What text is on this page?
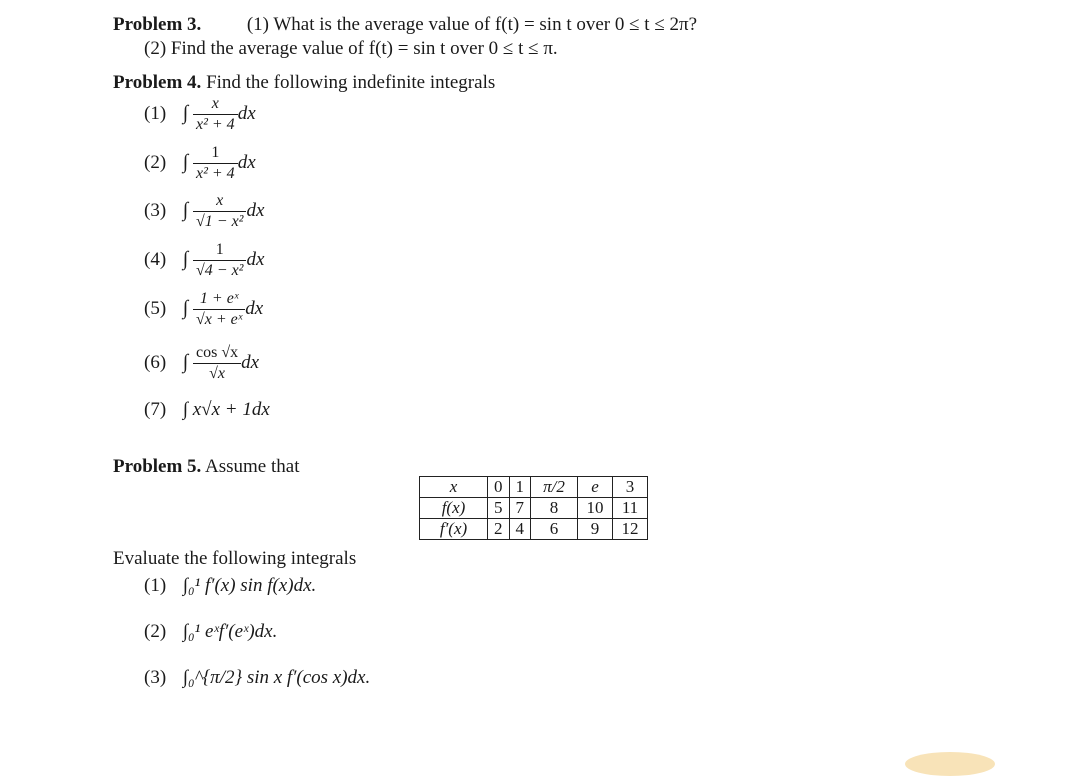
Problem 3. (1) What is the average value of f(t) = sin t over 0 ≤ t ≤ 2π?
(2) Find the average value of f(t) = sin t over 0 ≤ t ≤ π.
Problem 4. Find the following indefinite integrals
(1) ∫ $\frac{x}{\text{x² + 4}}$ dx
(2) ∫ $\frac{1}{\text{x² + 4}}$ dx
(3) ∫ $\frac{x}{\text{√1 − x²}}$ dx
(4) ∫ $\frac{1}{\text{√4 − x²}}$ dx
(5) ∫ $\frac{\text{1 + eˣ}}{\text{√x + eˣ}}$ dx
(6) ∫ $\frac{\cos √x}{√x}$ dx
(7) ∫ x√x + 1dx
Problem 5. Assume that
x	0	1	π/2	e	3
f(x)	5	7	8	10	11
f′(x)	2	4	6	9	12
Evaluate the following integrals
(1) ∫₀¹ f′(x) sin f(x)dx.
(2) ∫₀¹ eˣf′(eˣ)dx.
(3) ∫₀^{π/2} sin x f′(cos x)dx.
